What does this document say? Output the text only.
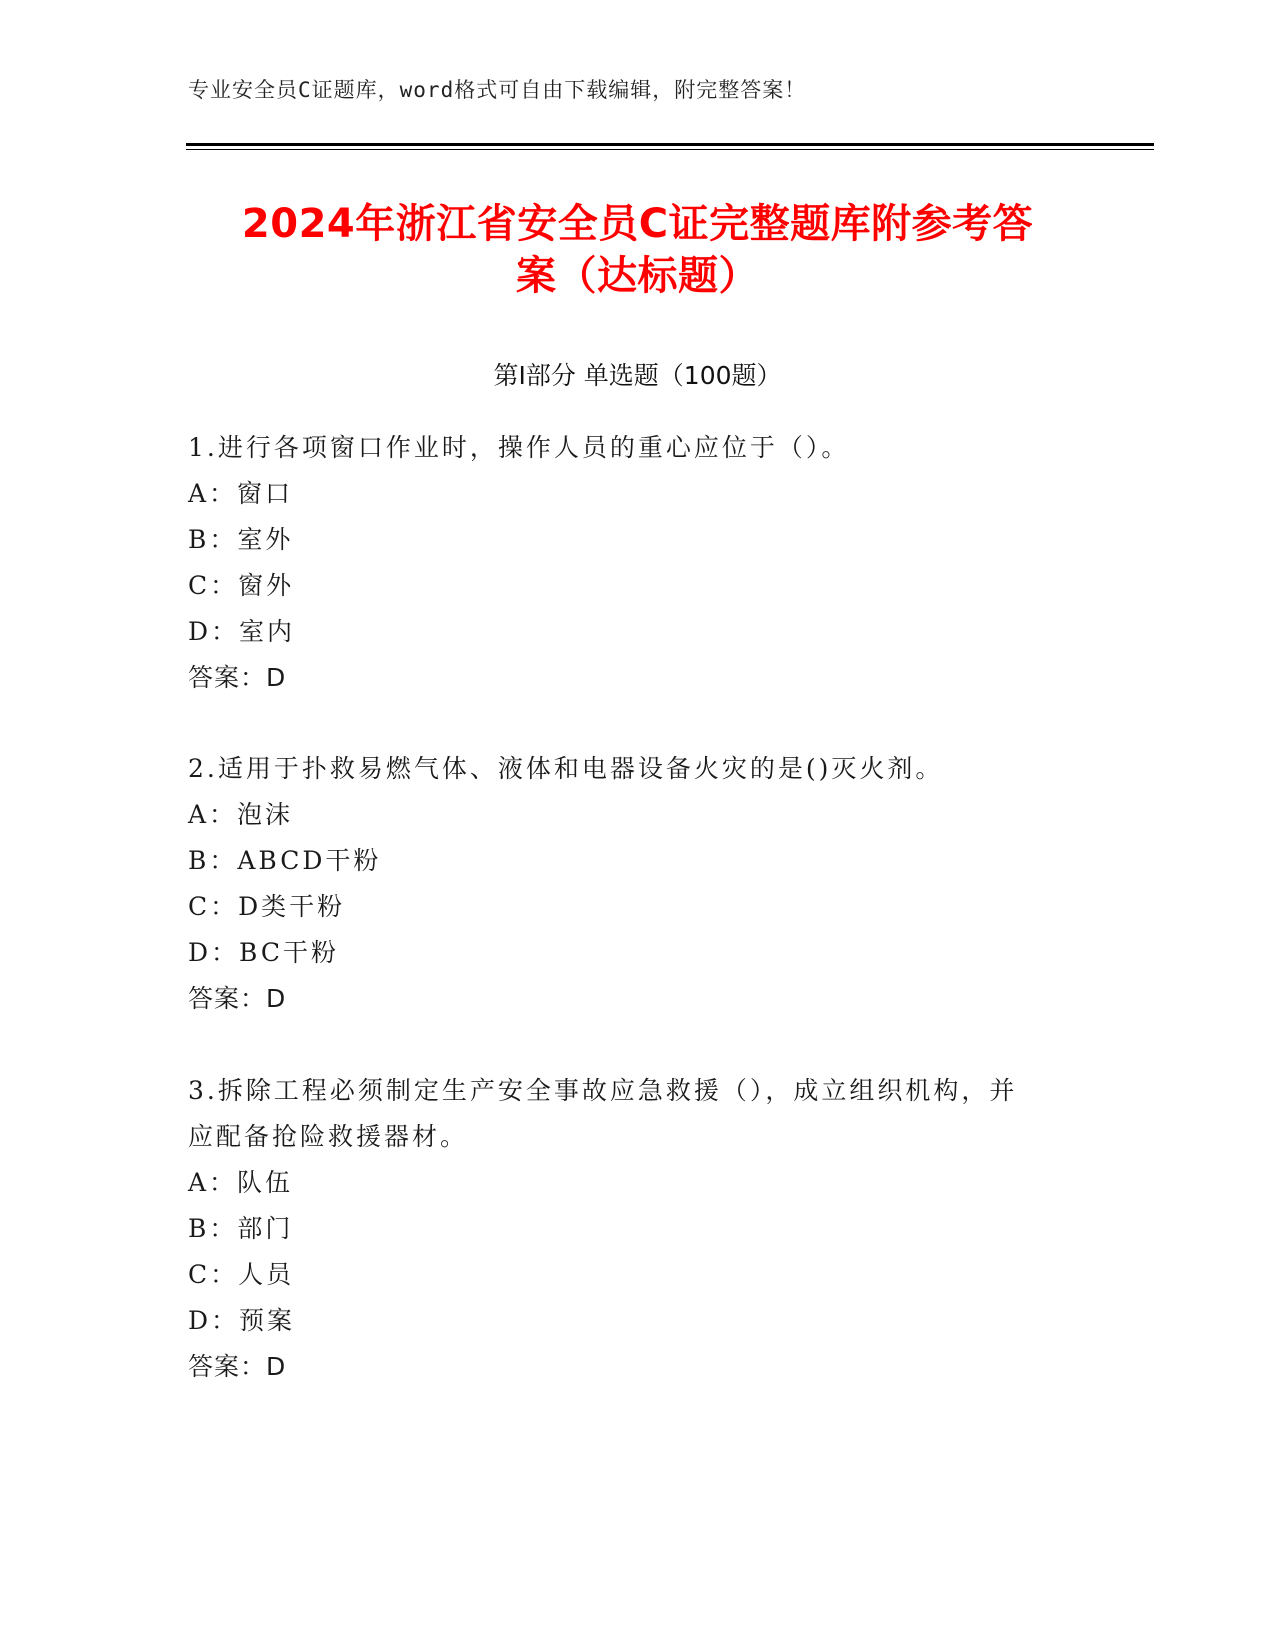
专业安全员C证题库，word格式可自由下载编辑，附完整答案！
2024年浙江省安全员C证完整题库附参考答
案（达标题）
第Ⅰ部分 单选题（100题）
1.进行各项窗口作业时，操作人员的重心应位于（）。
A：窗口
B：室外
C：窗外
D：室内
答案：D
2.适用于扑救易燃气体、液体和电器设备火灾的是()灭火剂。
A：泡沫
B：ABCD干粉
C：D类干粉
D：BC干粉
答案：D
3.拆除工程必须制定生产安全事故应急救援（），成立组织机构，并
应配备抢险救援器材。
A：队伍
B：部门
C：人员
D：预案
答案：D
